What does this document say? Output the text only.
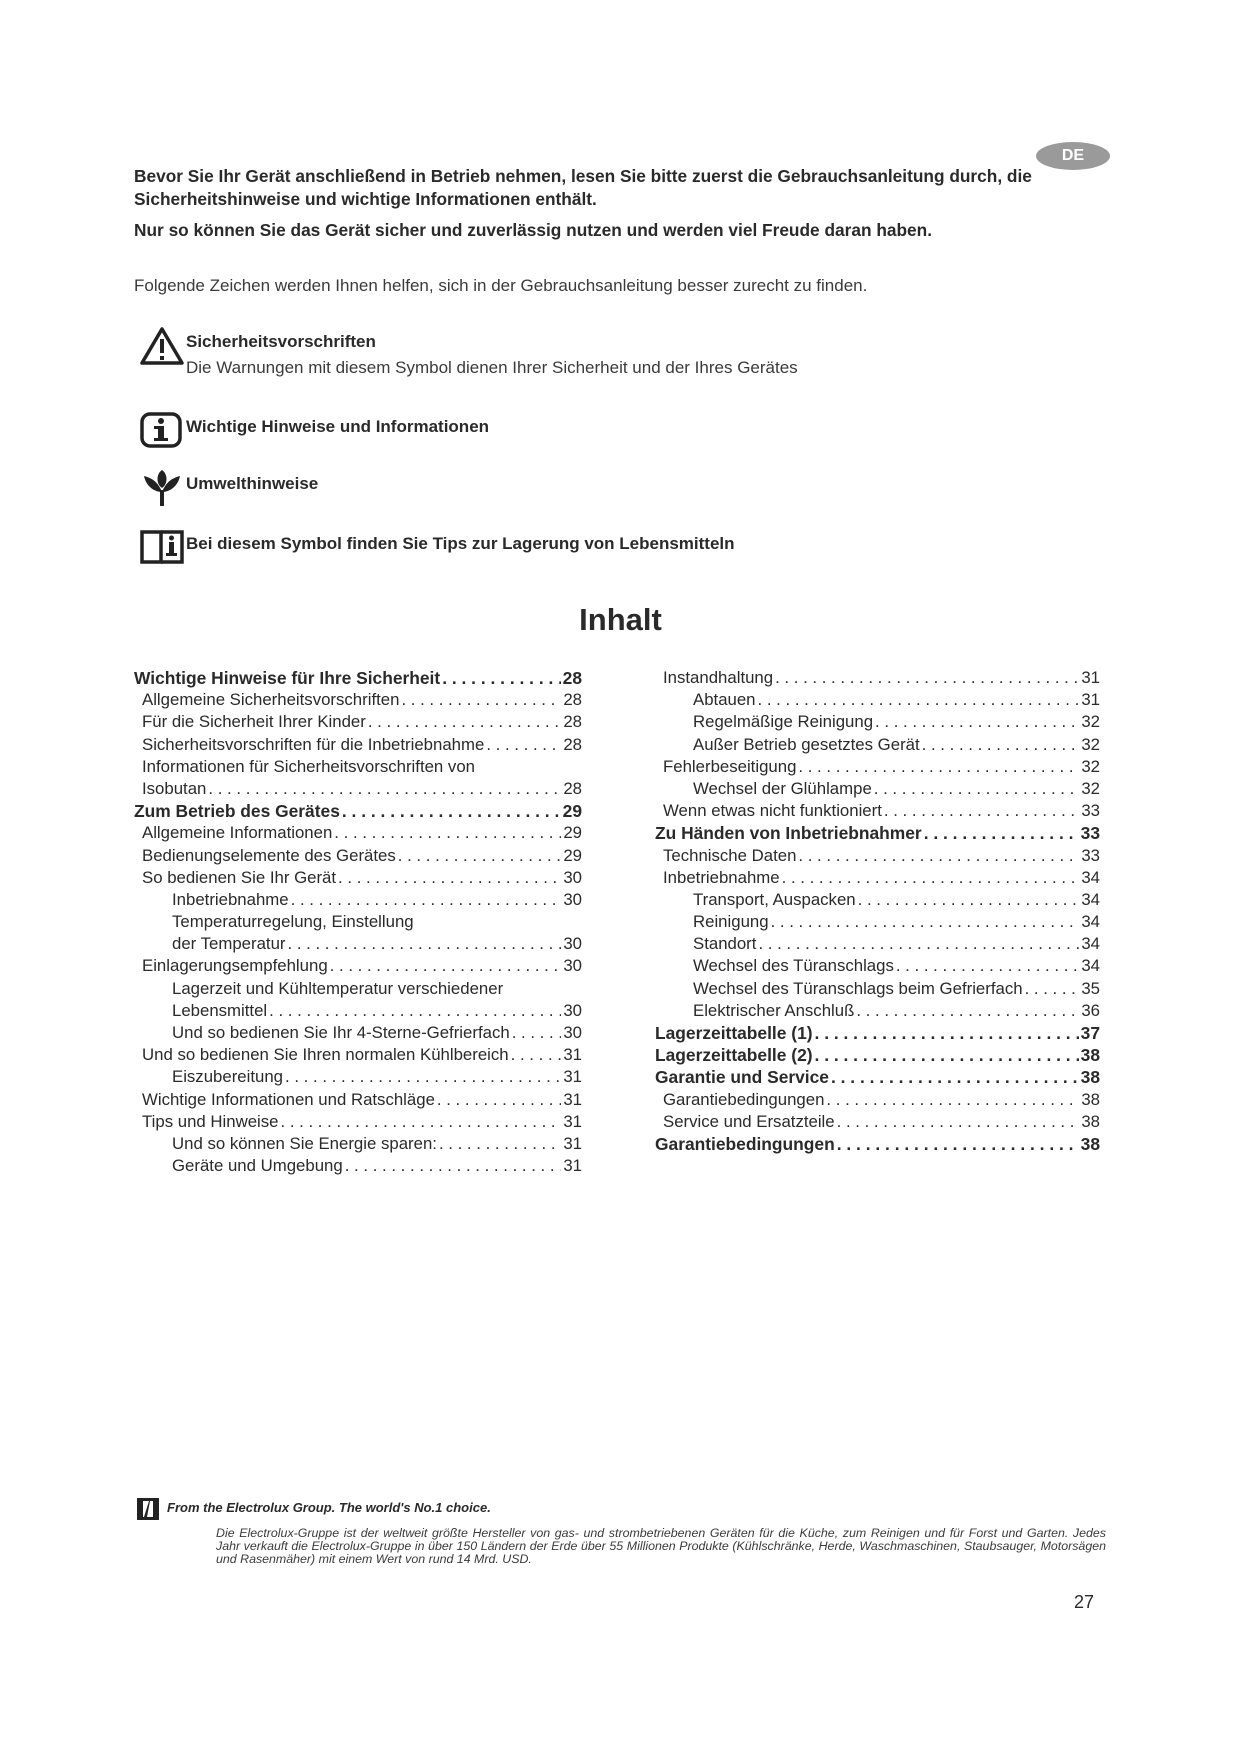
DE

Bevor Sie Ihr Gerät anschließend in Betrieb nehmen, lesen Sie bitte zuerst die Gebrauchsanleitung durch, die Sicherheitshinweise und wichtige Informationen enthält.

Nur so können Sie das Gerät sicher und zuverlässig nutzen und werden viel Freude daran haben.

Folgende Zeichen werden Ihnen helfen, sich in der Gebrauchsanleitung besser zurecht zu finden.
Sicherheitsvorschriften
Die Warnungen mit diesem Symbol dienen Ihrer Sicherheit und der Ihres Gerätes
Wichtige Hinweise und Informationen
Umwelthinweise
Bei diesem Symbol finden Sie Tips zur Lagerung von Lebensmitteln
Inhalt
Wichtige Hinweise für Ihre Sicherheit . . .	28
Allgemeine Sicherheitsvorschriften . . .	28
Für die Sicherheit Ihrer Kinder . . .	28
Sicherheitsvorschriften für die Inbetriebnahme . . .	28
Informationen für Sicherheitsvorschriften von
Isobutan . . .	28
Zum Betrieb des Gerätes . . .	29
Allgemeine Informationen . . .	29
Bedienungselemente des Gerätes . . .	29
So bedienen Sie Ihr Gerät . . .	30
Inbetriebnahme . . .	30
Temperaturregelung, Einstellung
der Temperatur . . .	30
Einlagerungsempfehlung . . .	30
Lagerzeit und Kühltemperatur verschiedener
Lebensmittel . . .	30
Und so bedienen Sie Ihr 4-Sterne-Gefrierfach . . .	30
Und so bedienen Sie Ihren normalen Kühlbereich . . .	31
Eiszubereitung . . .	31
Wichtige Informationen und Ratschläge . . .	31
Tips und Hinweise . . .	31
Und so können Sie Energie sparen: . . .	31
Geräte und Umgebung . . .	31
Instandhaltung . . .	31
Abtauen . . .	31
Regelmäßige Reinigung . . .	32
Außer Betrieb gesetztes Gerät . . .	32
Fehlerbeseitigung . . .	32
Wechsel der Glühlampe . . .	32
Wenn etwas nicht funktioniert . . .	33
Zu Händen von Inbetriebnahmer . . .	33
Technische Daten . . .	33
Inbetriebnahme . . .	34
Transport, Auspacken . . .	34
Reinigung . . .	34
Standort . . .	34
Wechsel des Türanschlags . . .	34
Wechsel des Türanschlags beim Gefrierfach . . .	35
Elektrischer Anschluß . . .	36
Lagerzeittabelle (1) . . .	37
Lagerzeittabelle (2) . . .	38
Garantie und Service . . .	38
Garantiebedingungen . . .	38
Service und Ersatzteile . . .	38
Garantiebedingungen . . .	38
From the Electrolux Group. The world's No.1 choice.
Die Electrolux-Gruppe ist der weltweit größte Hersteller von gas- und strombetriebenen Geräten für die Küche, zum Reinigen und für Forst und Garten. Jedes Jahr verkauft die Electrolux-Gruppe in über 150 Ländern der Erde über 55 Millionen Produkte (Kühlschränke, Herde, Waschmaschinen, Staubsauger, Motorsägen und Rasenmäher) mit einem Wert von rund 14 Mrd. USD.
27
